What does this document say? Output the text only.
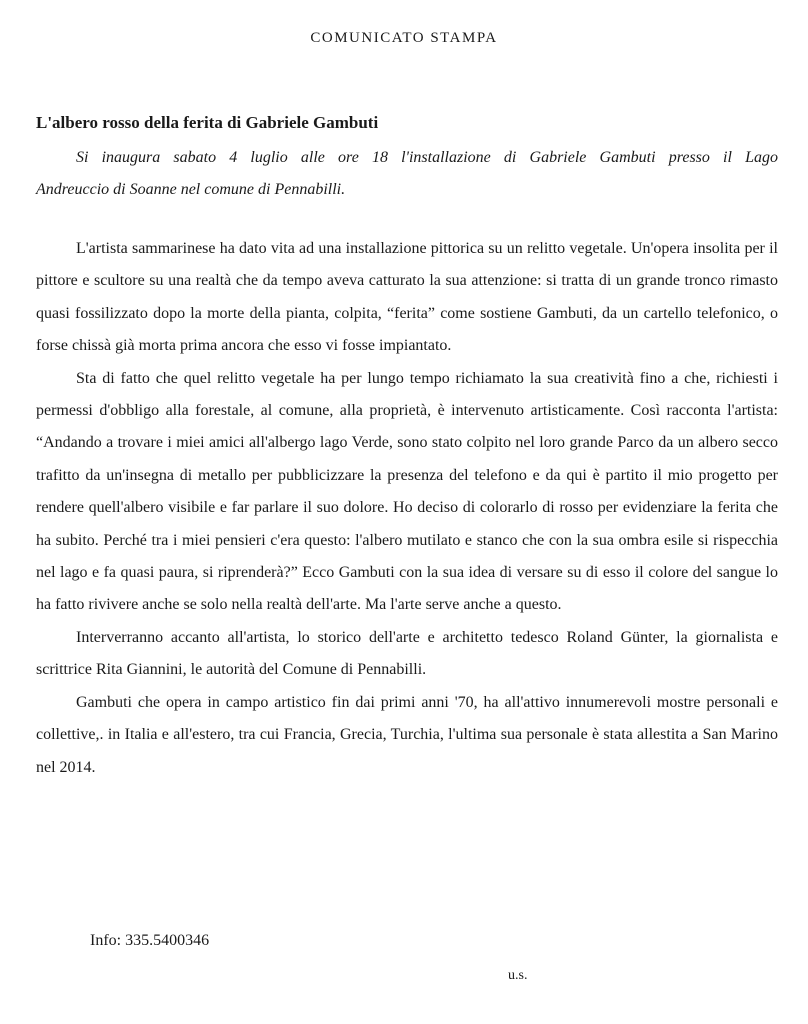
COMUNICATO STAMPA
L'albero rosso della ferita di Gabriele Gambuti
Si inaugura sabato 4 luglio alle ore 18 l'installazione di Gabriele Gambuti presso il Lago
Andreuccio di Soanne nel comune di Pennabilli.

L'artista sammarinese ha dato vita ad una installazione pittorica su un relitto vegetale. Un'opera insolita per il pittore e scultore su una realtà che da tempo aveva catturato la sua attenzione: si tratta di un grande tronco rimasto quasi fossilizzato dopo la morte della pianta, colpita, “ferita” come sostiene Gambuti, da un cartello telefonico, o forse chissà già morta prima ancora che esso vi fosse impiantato.

Sta di fatto che quel relitto vegetale ha per lungo tempo richiamato la sua creatività fino a che, richiesti i permessi d'obbligo alla forestale, al comune, alla proprietà, è intervenuto artisticamente. Così racconta l'artista: “Andando a trovare i miei amici all'albergo lago Verde, sono stato colpito nel loro grande Parco da un albero secco trafitto da un'insegna di metallo per pubblicizzare la presenza del telefono e da qui è partito il mio progetto per rendere quell'albero visibile e far parlare il suo dolore. Ho deciso di colorarlo di rosso per evidenziare la ferita che ha subito. Perché tra i miei pensieri c'era questo: l'albero mutilato e stanco che con la sua ombra esile si rispecchia nel lago e fa quasi paura, si riprenderà?” Ecco Gambuti con la sua idea di versare su di esso il colore del sangue lo ha fatto rivivere anche se solo nella realtà dell'arte. Ma l'arte serve anche a questo.

Interverranno accanto all'artista, lo storico dell'arte e architetto tedesco Roland Günter, la giornalista e scrittrice Rita Giannini, le autorità del Comune di Pennabilli.

Gambuti che opera in campo artistico fin dai primi anni '70, ha all'attivo innumerevoli mostre personali e collettive,. in Italia e all'estero, tra cui Francia, Grecia, Turchia, l'ultima sua personale è stata allestita a San Marino nel 2014.

Info: 335.5400346
u.s.
